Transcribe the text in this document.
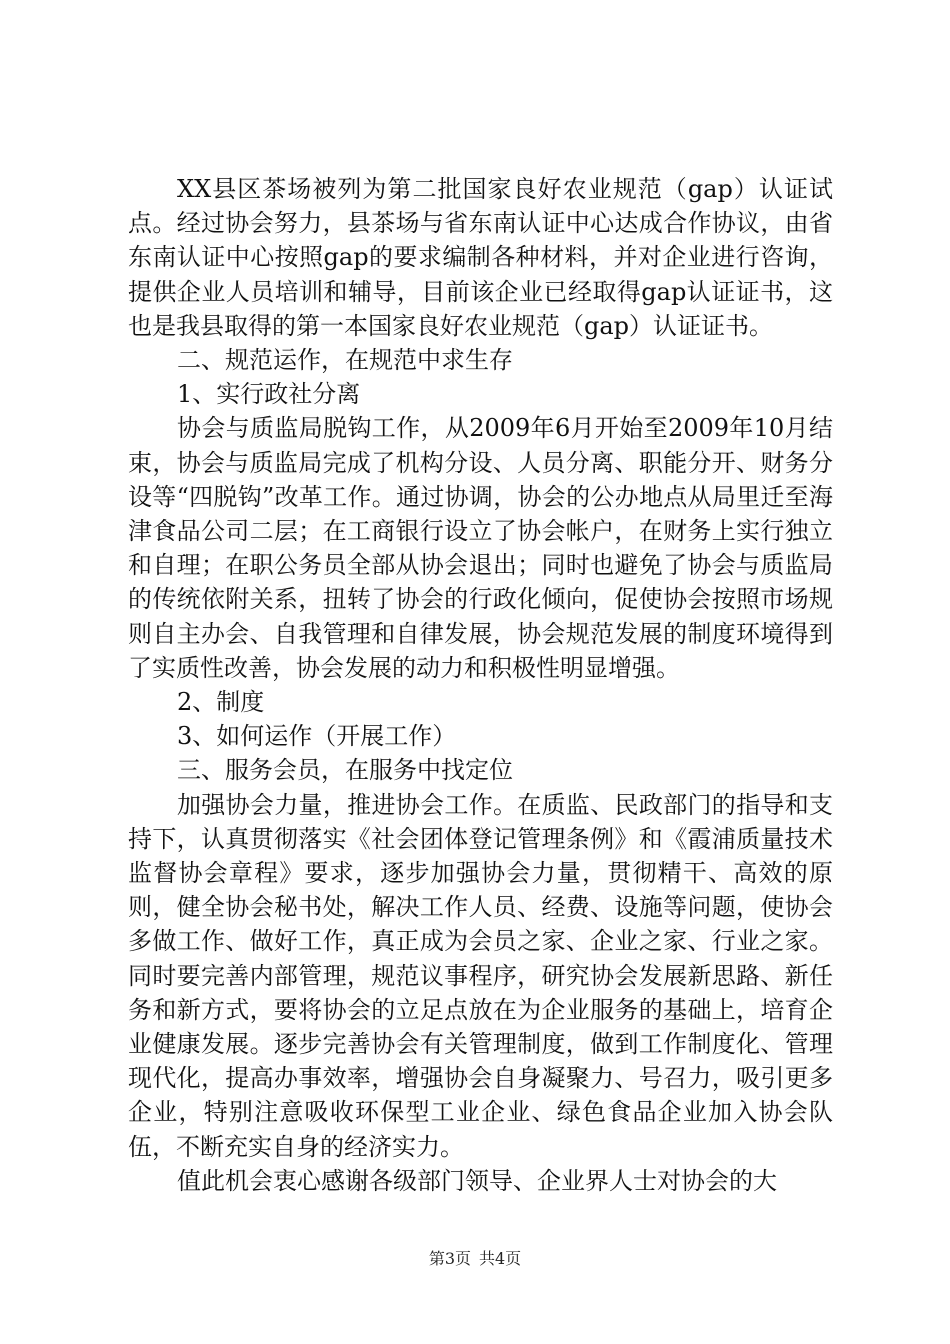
XX县区茶场被列为第二批国家良好农业规范（gap）认证试点。经过协会努力，县茶场与省东南认证中心达成合作协议，由省东南认证中心按照gap的要求编制各种材料，并对企业进行咨询，提供企业人员培训和辅导，目前该企业已经取得gap认证证书，这也是我县取得的第一本国家良好农业规范（gap）认证证书。

二、规范运作，在规范中求生存

1、实行政社分离

协会与质监局脱钩工作，从2009年6月开始至2009年10月结束，协会与质监局完成了机构分设、人员分离、职能分开、财务分设等“四脱钩”改革工作。通过协调，协会的公办地点从局里迁至海津食品公司二层；在工商银行设立了协会帐户，在财务上实行独立和自理；在职公务员全部从协会退出；同时也避免了协会与质监局的传统依附关系，扭转了协会的行政化倾向，促使协会按照市场规则自主办会、自我管理和自律发展，协会规范发展的制度环境得到了实质性改善，协会发展的动力和积极性明显增强。

2、制度

3、如何运作（开展工作）

三、服务会员，在服务中找定位

加强协会力量，推进协会工作。在质监、民政部门的指导和支持下，认真贯彻落实《社会团体登记管理条例》和《霞浦质量技术监督协会章程》要求，逐步加强协会力量，贯彻精干、高效的原则，健全协会秘书处，解决工作人员、经费、设施等问题，使协会多做工作、做好工作，真正成为会员之家、企业之家、行业之家。同时要完善内部管理，规范议事程序，研究协会发展新思路、新任务和新方式，要将协会的立足点放在为企业服务的基础上，培育企业健康发展。逐步完善协会有关管理制度，做到工作制度化、管理现代化，提高办事效率，增强协会自身凝聚力、号召力，吸引更多企业，特别注意吸收环保型工业企业、绿色食品企业加入协会队伍，不断充实自身的经济实力。

值此机会衷心感谢各级部门领导、企业界人士对协会的大

第3页 共4页
